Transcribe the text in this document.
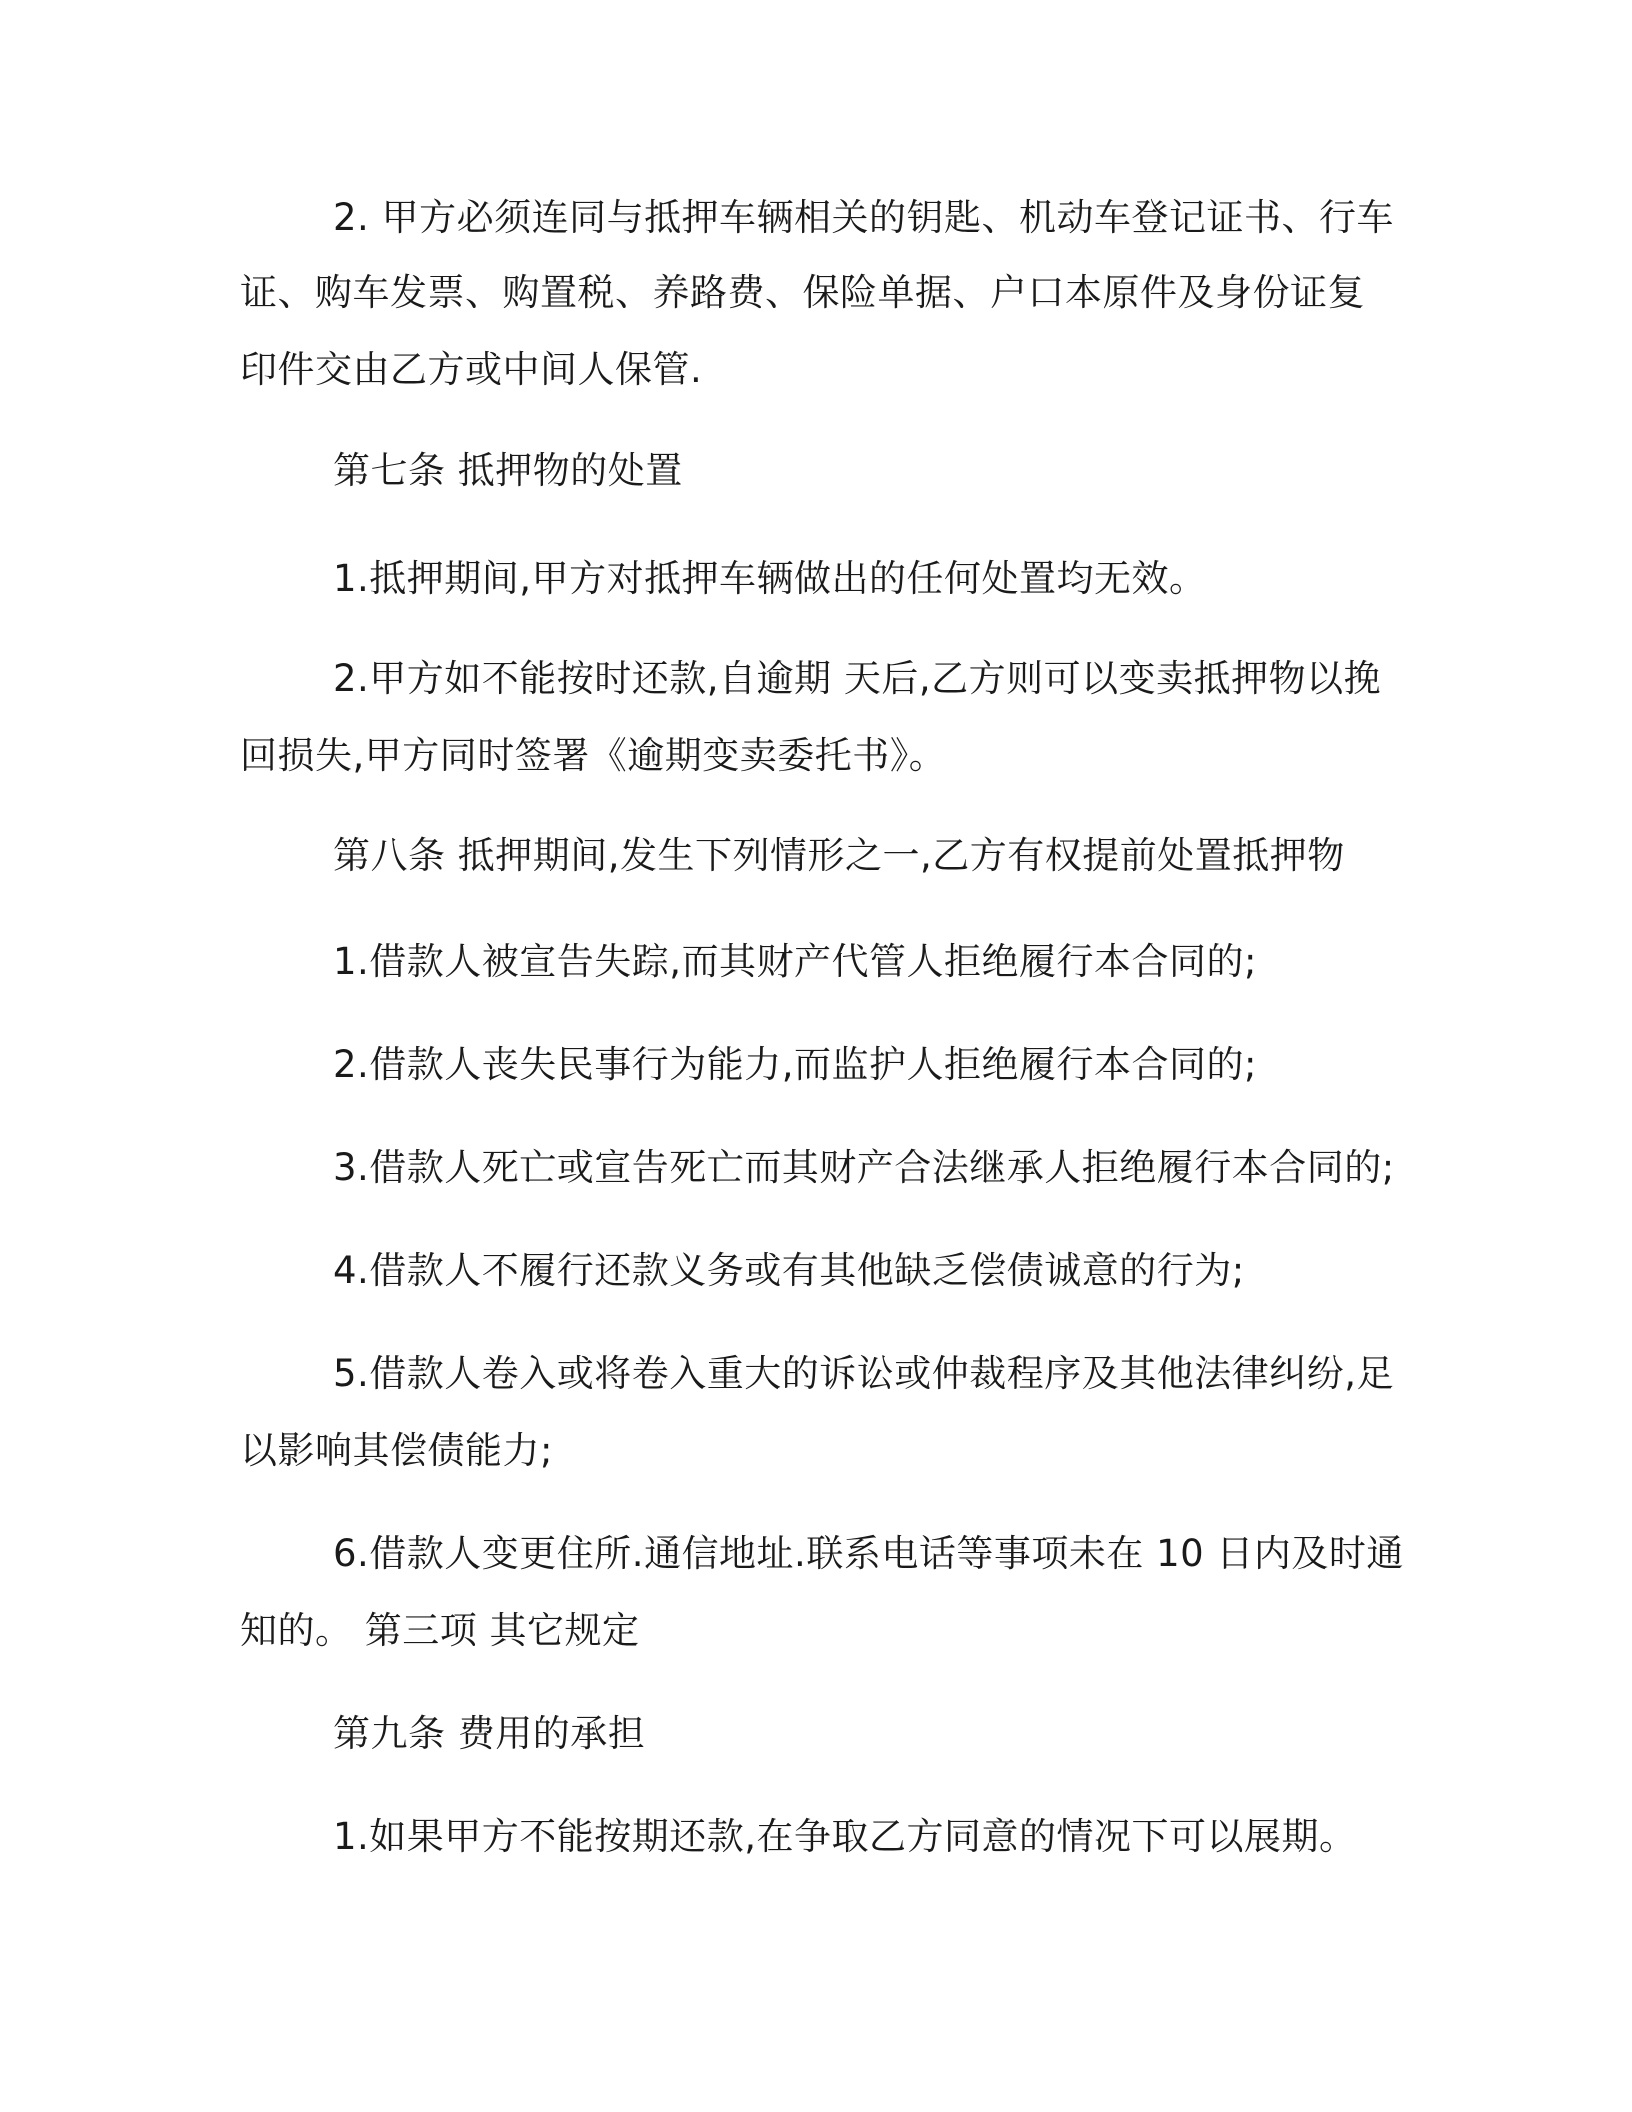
2. 甲方必须连同与抵押车辆相关的钥匙、机动车登记证书、行车
证、购车发票、购置税、养路费、保险单据、户口本原件及身份证复
印件交由乙方或中间人保管.
第七条 抵押物的处置
1.抵押期间,甲方对抵押车辆做出的任何处置均无效。
2.甲方如不能按时还款,自逾期 天后,乙方则可以变卖抵押物以挽
回损失,甲方同时签署《逾期变卖委托书》。
第八条 抵押期间,发生下列情形之一,乙方有权提前处置抵押物
1.借款人被宣告失踪,而其财产代管人拒绝履行本合同的;
2.借款人丧失民事行为能力,而监护人拒绝履行本合同的;
3.借款人死亡或宣告死亡而其财产合法继承人拒绝履行本合同的;
4.借款人不履行还款义务或有其他缺乏偿债诚意的行为;
5.借款人卷入或将卷入重大的诉讼或仲裁程序及其他法律纠纷,足
以影响其偿债能力;
6.借款人变更住所.通信地址.联系电话等事项未在 10 日内及时通
知的。 第三项 其它规定
第九条 费用的承担
1.如果甲方不能按期还款,在争取乙方同意的情况下可以展期。
